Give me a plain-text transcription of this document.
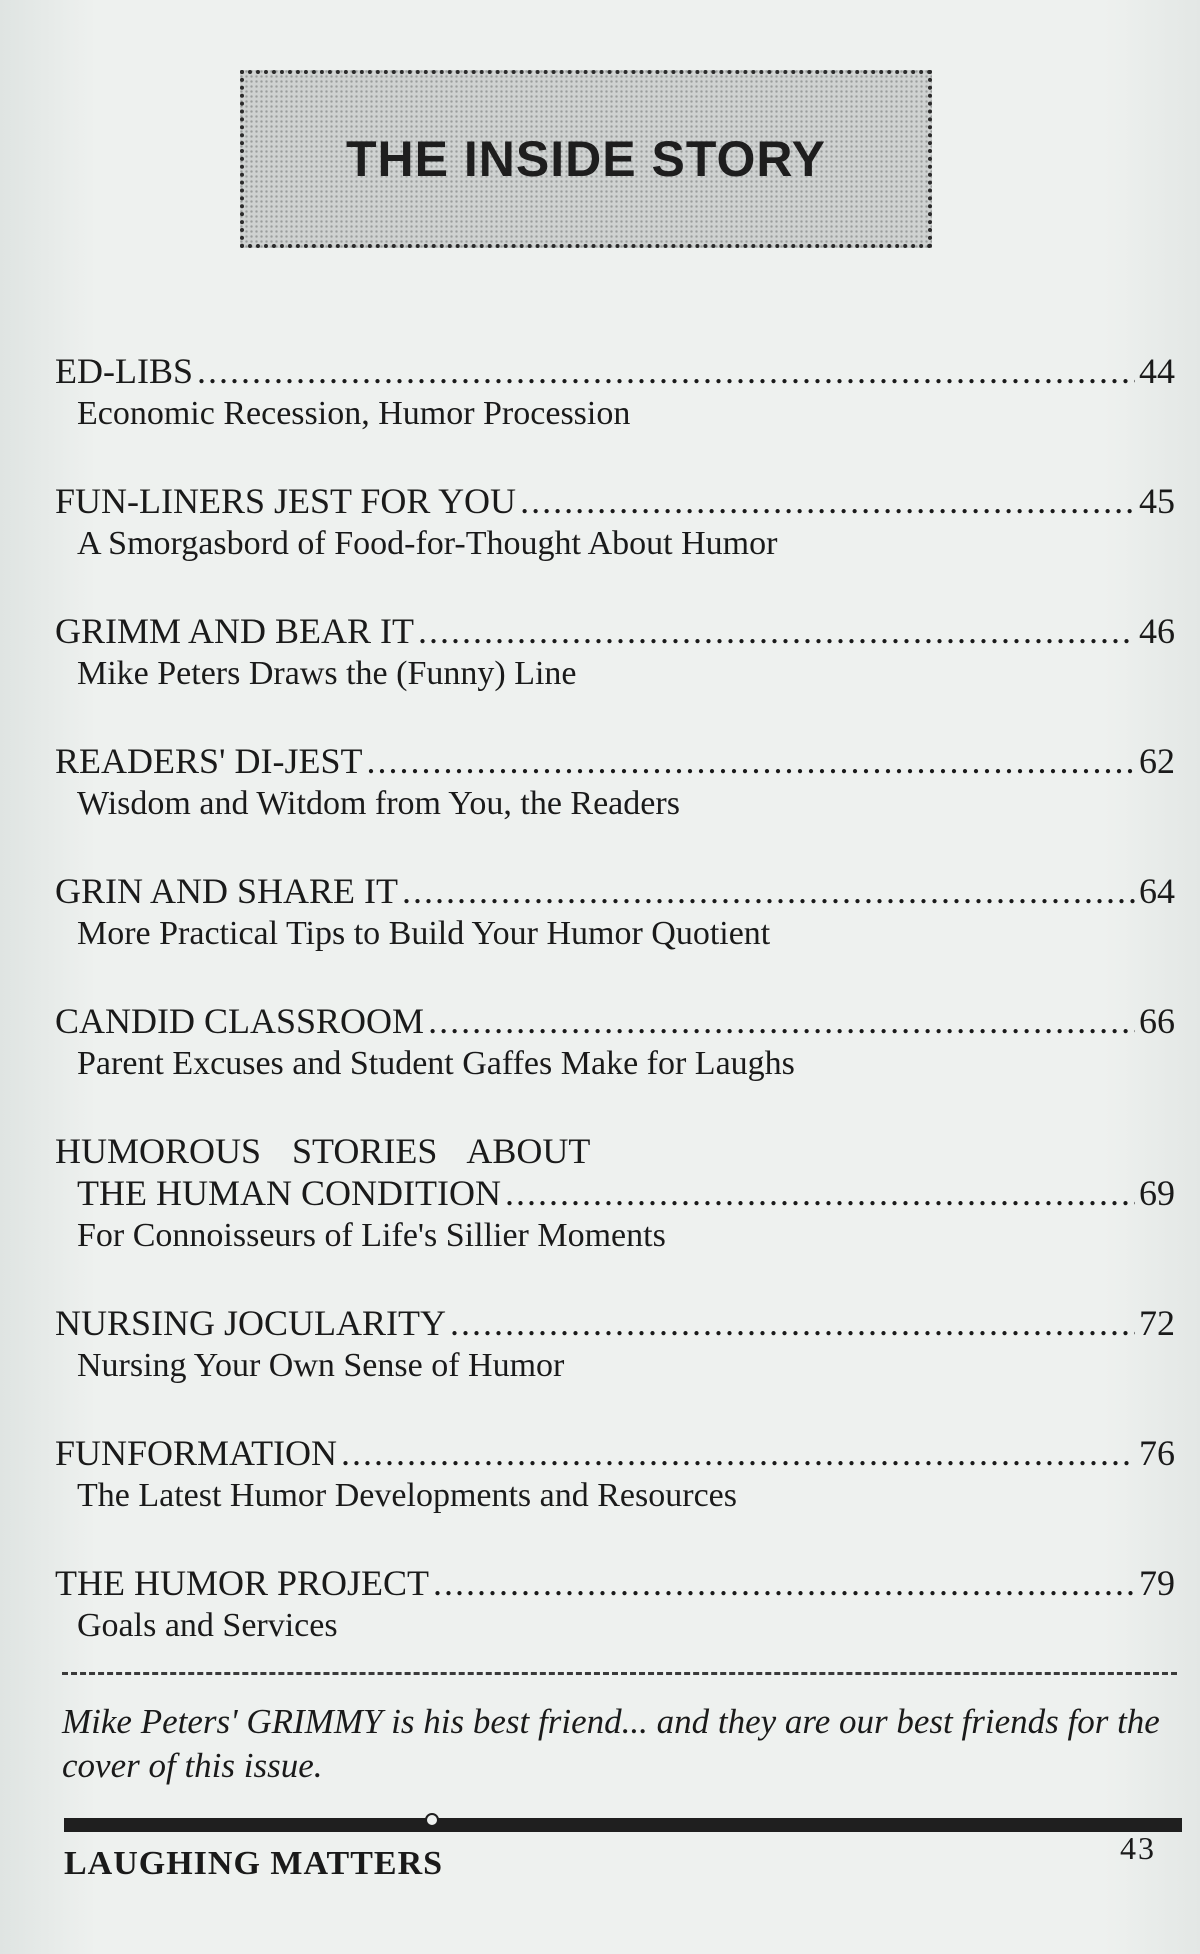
THE INSIDE STORY
ED-LIBS .....	44
Economic Recession, Humor Procession
FUN-LINERS JEST FOR YOU .....	45
A Smorgasbord of Food-for-Thought About Humor
GRIMM AND BEAR IT .....	46
Mike Peters Draws the (Funny) Line
READERS' DI-JEST .....	62
Wisdom and Witdom from You, the Readers
GRIN AND SHARE IT .....	64
More Practical Tips to Build Your Humor Quotient
CANDID CLASSROOM .....	66
Parent Excuses and Student Gaffes Make for Laughs
HUMOROUS STORIES ABOUT
THE HUMAN CONDITION .....	69
For Connoisseurs of Life's Sillier Moments
NURSING JOCULARITY .....	72
Nursing Your Own Sense of Humor
FUNFORMATION .....	76
The Latest Humor Developments and Resources
THE HUMOR PROJECT .....	79
Goals and Services
Mike Peters' GRIMMY is his best friend... and they are our best friends for the cover of this issue.
LAUGHING MATTERS	43
